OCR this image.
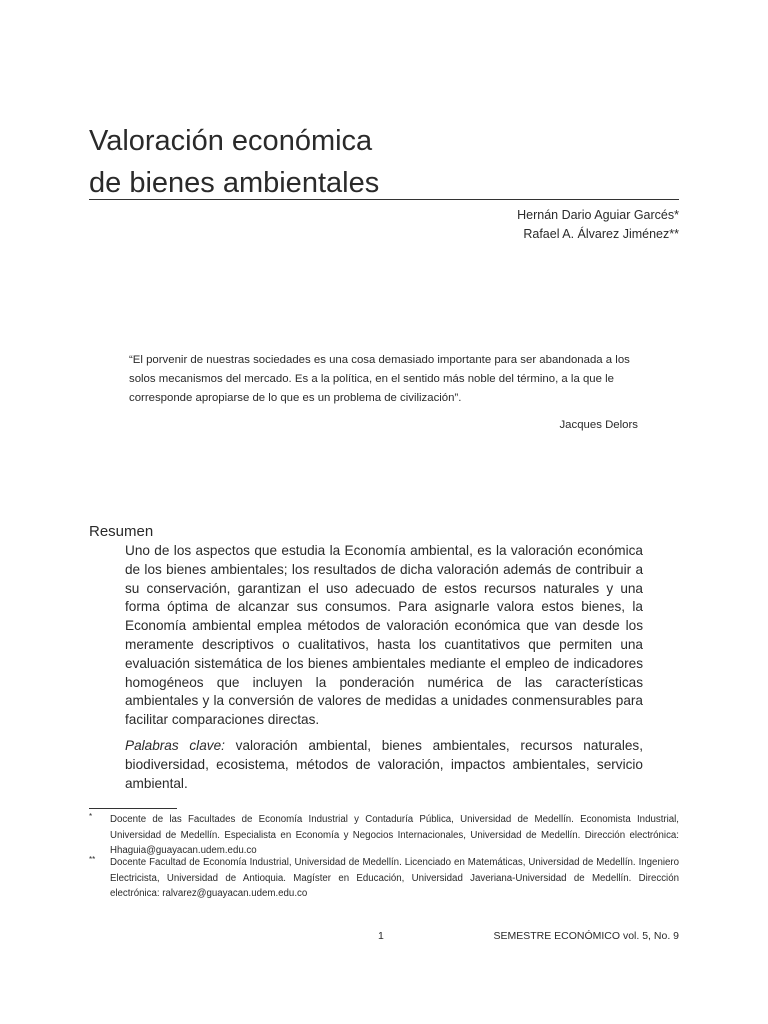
Valoración económica
de bienes ambientales
Hernán Dario Aguiar Garcés*
Rafael A. Álvarez Jiménez**
“El porvenir de nuestras sociedades es una cosa demasiado importante para ser abandonada a los solos mecanismos del mercado. Es a la política, en el sentido más noble del término, a la que le corresponde apropiarse de lo que es un problema de civilización”.
Jacques Delors
Resumen

Uno de los aspectos que estudia la Economía ambiental, es la valoración económica de los bienes ambientales; los resultados de dicha valoración además de contribuir a su conservación, garantizan el uso adecuado de estos recursos naturales y una forma óptima de alcanzar sus consumos. Para asignarle valora estos bienes, la Economía ambiental emplea métodos de valoración económica que van desde los meramente descriptivos o cualitativos, hasta los cuantitativos que permiten una evaluación sistemática de los bienes ambientales mediante el empleo de indicadores homogéneos que incluyen la ponderación numérica de las características ambientales y la conversión de valores de medidas a unidades conmensurables para facilitar comparaciones directas.

Palabras clave: valoración ambiental, bienes ambientales, recursos naturales, biodiversidad, ecosistema, métodos de valoración, impactos ambientales, servicio ambiental.

* Docente de las Facultades de Economía Industrial y Contaduría Pública, Universidad de Medellín. Economista Industrial, Universidad de Medellín. Especialista en Economía y Negocios Internacionales, Universidad de Medellín. Dirección electrónica: Hhaguia@guayacan.udem.edu.co
** Docente Facultad de Economía Industrial, Universidad de Medellín. Licenciado en Matemáticas, Universidad de Medellín. Ingeniero Electricista, Universidad de Antioquia. Magíster en Educación, Universidad Javeriana-Universidad de Medellín. Dirección electrónica: ralvarez@guayacan.udem.edu.co
1	SEMESTRE ECONÓMICO vol. 5, No. 9
